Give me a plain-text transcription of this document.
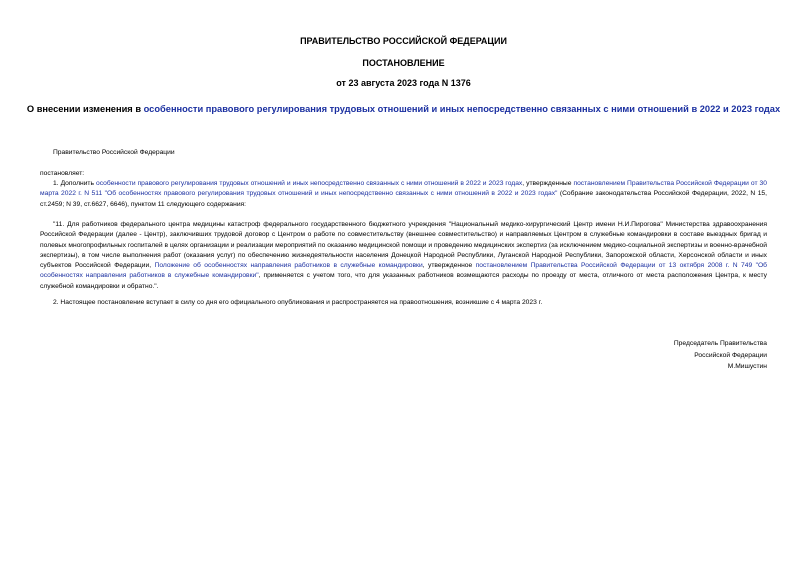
ПРАВИТЕЛЬСТВО РОССИЙСКОЙ ФЕДЕРАЦИИ
ПОСТАНОВЛЕНИЕ
от 23 августа 2023 года N 1376
О внесении изменения в особенности правового регулирования трудовых отношений и иных непосредственно связанных с ними отношений в 2022 и 2023 годах
Правительство Российской Федерации
постановляет:
1. Дополнить особенности правового регулирования трудовых отношений и иных непосредственно связанных с ними отношений в 2022 и 2023 годах, утвержденные постановлением Правительства Российской Федерации от 30 марта 2022 г. N 511 "Об особенностях правового регулирования трудовых отношений и иных непосредственно связанных с ними отношений в 2022 и 2023 годах" (Собрание законодательства Российской Федерации, 2022, N 15, ст.2459; N 39, ст.6627, 6646), пунктом 11 следующего содержания:
"11. Для работников федерального центра медицины катастроф федерального государственного бюджетного учреждения "Национальный медико-хирургический Центр имени Н.И.Пирогова" Министерства здравоохранения Российской Федерации (далее - Центр), заключивших трудовой договор с Центром о работе по совместительству (внешнее совместительство) и направляемых Центром в служебные командировки в составе выездных бригад и полевых многопрофильных госпиталей в целях организации и реализации мероприятий по оказанию медицинской помощи и проведению медицинских экспертиз (за исключением медико-социальной экспертизы и военно-врачебной экспертизы), в том числе выполнения работ (оказания услуг) по обеспечению жизнедеятельности населения Донецкой Народной Республики, Луганской Народной Республики, Запорожской области, Херсонской области и иных субъектов Российской Федерации, Положение об особенностях направления работников в служебные командировки, утвержденное постановлением Правительства Российской Федерации от 13 октября 2008 г. N 749 "Об особенностях направления работников в служебные командировки", применяется с учетом того, что для указанных работников возмещаются расходы по проезду от места, отличного от места расположения Центра, к месту служебной командировки и обратно.".
2. Настоящее постановление вступает в силу со дня его официального опубликования и распространяется на правоотношения, возникшие с 4 марта 2023 г.
Председатель Правительства
Российской Федерации
М.Мишустин
